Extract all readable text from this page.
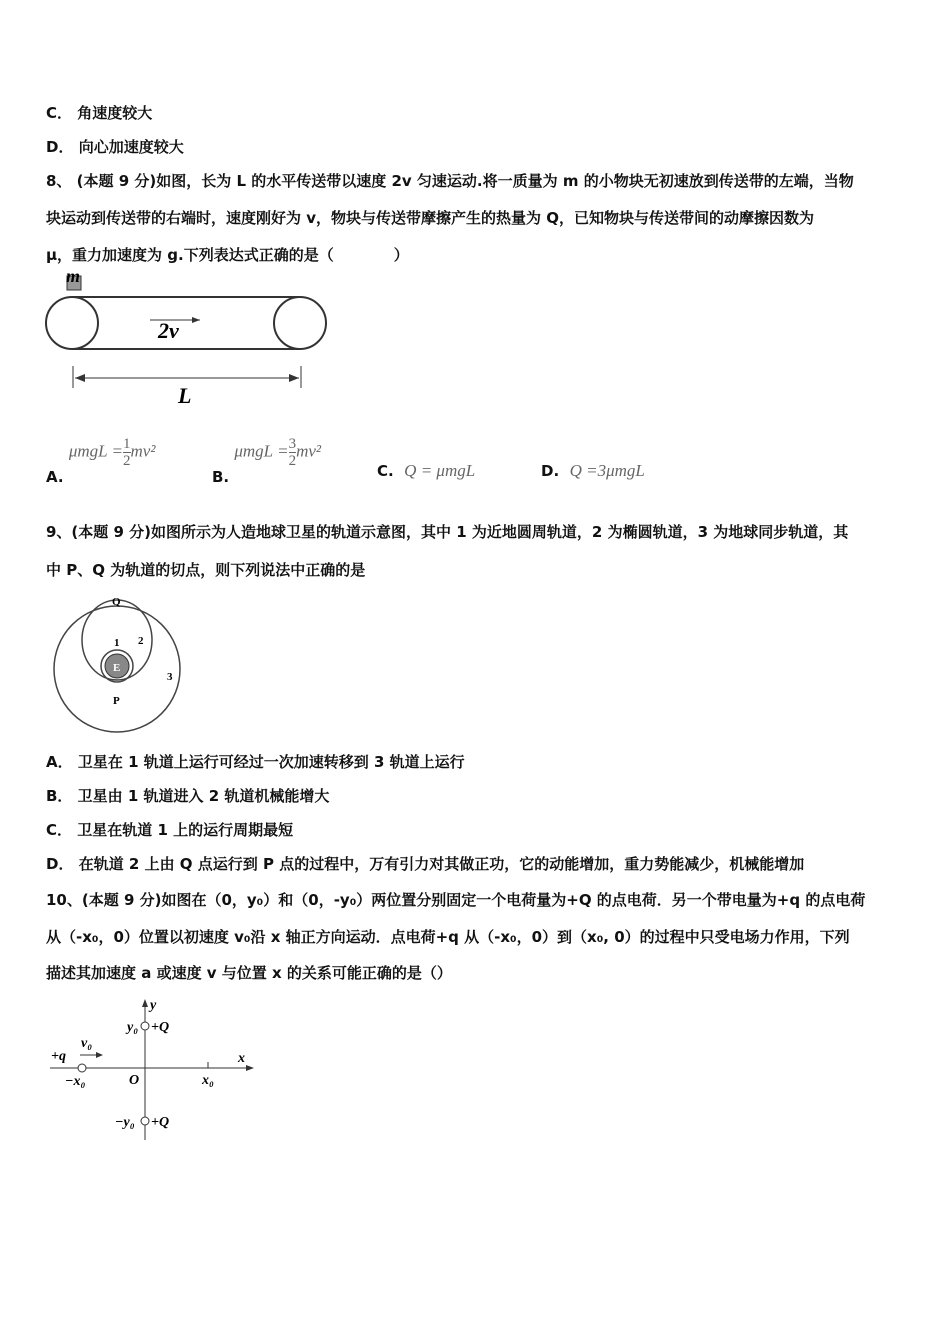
C． 角速度较大
D． 向心加速度较大
8、 (本题 9 分)如图，长为 L 的水平传送带以速度 2v 匀速运动.将一质量为 m 的小物块无初速放到传送带的左端，当物
块运动到传送带的右端时，速度刚好为 v，物块与传送带摩擦产生的热量为 Q，已知物块与传送带间的动摩擦因数为
μ，重力加速度为 g.下列表达式正确的是（　　　　）
m
2v
L
A. $\mu mgL = \frac{1}{2} mv^2$
B. $\mu mgL = \frac{3}{2} mv^2$
C. Q = μmgL	D. Q =3μmgL
9、(本题 9 分)如图所示为人造地球卫星的轨道示意图，其中 1 为近地圆周轨道，2 为椭圆轨道，3 为地球同步轨道，其
中 P、Q 为轨道的切点，则下列说法中正确的是
E
Q
P
1 2
3
A． 卫星在 1 轨道上运行可经过一次加速转移到 3 轨道上运行
B． 卫星由 1 轨道进入 2 轨道机械能增大
C． 卫星在轨道 1 上的运行周期最短
D． 在轨道 2 上由 Q 点运行到 P 点的过程中，万有引力对其做正功，它的动能增加，重力势能减少，机械能增加
10、(本题 9 分)如图在（0，y₀）和（0，-y₀）两位置分别固定一个电荷量为+Q 的点电荷．另一个带电量为+q 的点电荷
从（-x₀，0）位置以初速度 v₀沿 x 轴正方向运动．点电荷+q 从（-x₀，0）到（x₀, 0）的过程中只受电场力作用，下列
描述其加速度 a 或速度 v 与位置 x 的关系可能正确的是（）
y
x
O
y₀ +Q
−y₀ +Q
x₀
−x₀
+q
v₀
